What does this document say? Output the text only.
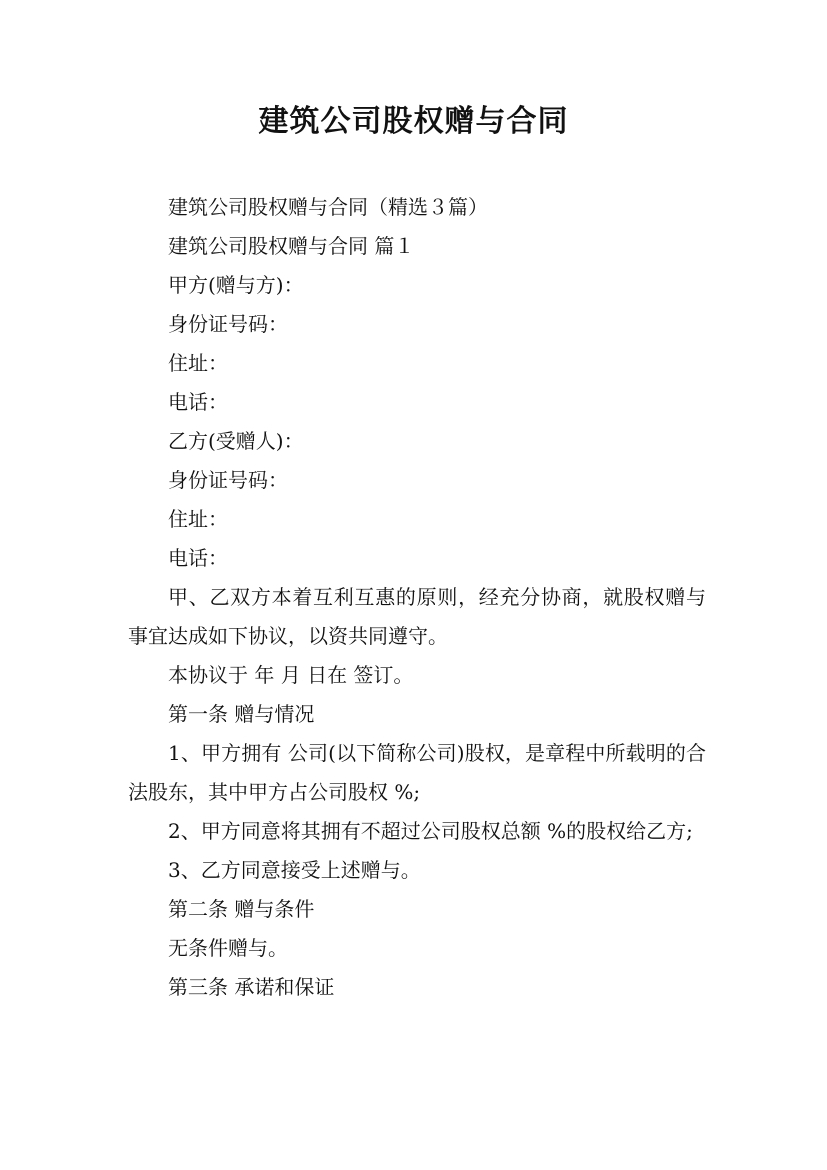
建筑公司股权赠与合同

建筑公司股权赠与合同（精选３篇）

建筑公司股权赠与合同 篇１

甲方(赠与方)：

身份证号码：

住址：

电话：

乙方(受赠人)：

身份证号码：

住址：

电话：

甲、乙双方本着互利互惠的原则，经充分协商，就股权赠与事宜达成如下协议，以资共同遵守。

本协议于 年 月 日在 签订。

第一条 赠与情况

1、甲方拥有 公司(以下简称公司)股权，是章程中所载明的合法股东，其中甲方占公司股权 %;

2、甲方同意将其拥有不超过公司股权总额 %的股权给乙方;

3、乙方同意接受上述赠与。

第二条 赠与条件

无条件赠与。

第三条 承诺和保证
